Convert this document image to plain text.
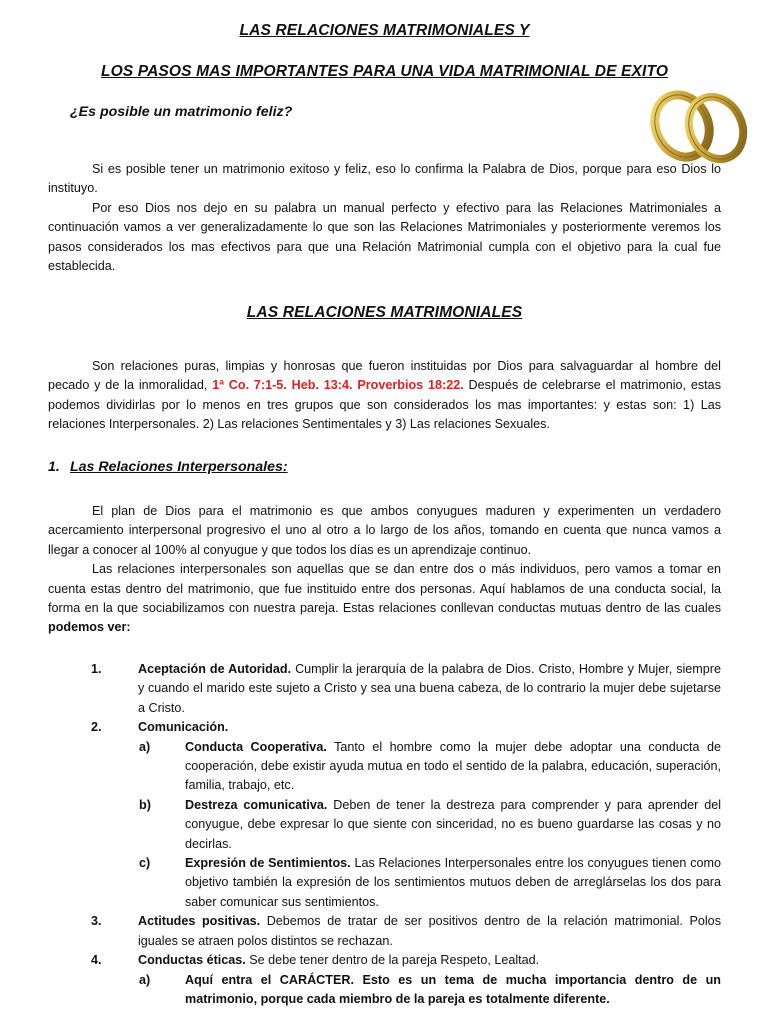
LAS RELACIONES MATRIMONIALES Y
LOS PASOS MAS IMPORTANTES PARA UNA VIDA MATRIMONIAL DE EXITO
¿Es posible un matrimonio feliz?

Si es posible tener un matrimonio exitoso y feliz, eso lo confirma la Palabra de Dios, porque para eso Dios lo instituyo.

Por eso Dios nos dejo en su palabra un manual perfecto y efectivo para las Relaciones Matrimoniales a continuación vamos a ver generalizadamente lo que son las Relaciones Matrimoniales y posteriormente veremos los pasos considerados los mas efectivos para que una Relación Matrimonial cumpla con el objetivo para la cual fue establecida.

LAS RELACIONES MATRIMONIALES

Son relaciones puras, limpias y honrosas que fueron instituidas por Dios para salvaguardar al hombre del pecado y de la inmoralidad, 1ª Co. 7:1-5. Heb. 13:4. Proverbios 18:22. Después de celebrarse el matrimonio, estas podemos dividirlas por lo menos en tres grupos que son considerados los mas importantes: y estas son: 1) Las relaciones Interpersonales. 2) Las relaciones Sentimentales y 3) Las relaciones Sexuales.

1. Las Relaciones Interpersonales:

El plan de Dios para el matrimonio es que ambos conyugues maduren y experimenten un verdadero acercamiento interpersonal progresivo el uno al otro a lo largo de los años, tomando en cuenta que nunca vamos a llegar a conocer al 100% al conyugue y que todos los días es un aprendizaje continuo.

Las relaciones interpersonales son aquellas que se dan entre dos o más individuos, pero vamos a tomar en cuenta estas dentro del matrimonio, que fue instituido entre dos personas. Aquí hablamos de una conducta social, la forma en la que sociabilizamos con nuestra pareja. Estas relaciones conllevan conductas mutuas dentro de las cuales podemos ver:

1.	Aceptación de Autoridad. Cumplir la jerarquía de la palabra de Dios. Cristo, Hombre y Mujer, siempre y cuando el marido este sujeto a Cristo y sea una buena cabeza, de lo contrario la mujer debe sujetarse a Cristo.
2.	Comunicación.
a)	Conducta Cooperativa. Tanto el hombre como la mujer debe adoptar una conducta de cooperación, debe existir ayuda mutua en todo el sentido de la palabra, educación, superación, familia, trabajo, etc.
b)	Destreza comunicativa. Deben de tener la destreza para comprender y para aprender del conyugue, debe expresar lo que siente con sinceridad, no es bueno guardarse las cosas y no decirlas.
c)	Expresión de Sentimientos. Las Relaciones Interpersonales entre los conyugues tienen como objetivo también la expresión de los sentimientos mutuos deben de arreglárselas los dos para saber comunicar sus sentimientos.
3.	Actitudes positivas. Debemos de tratar de ser positivos dentro de la relación matrimonial. Polos iguales se atraen polos distintos se rechazan.
4.	Conductas éticas. Se debe tener dentro de la pareja Respeto, Lealtad.
a)	Aquí entra el CARÁCTER. Esto es un tema de mucha importancia dentro de un matrimonio, porque cada miembro de la pareja es totalmente diferente.
